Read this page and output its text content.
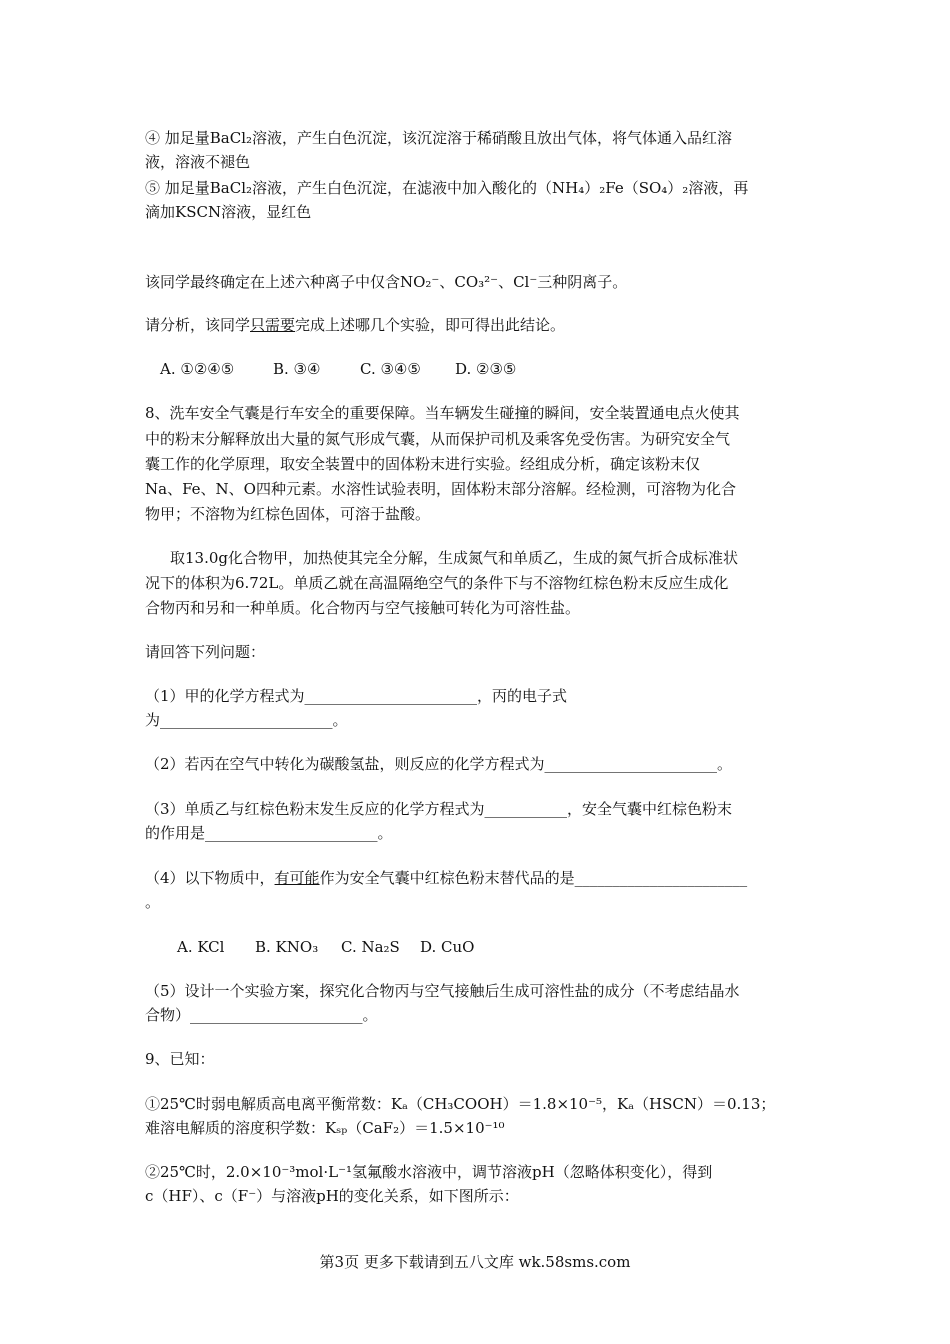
④ 加足量BaCl₂溶液，产生白色沉淀，该沉淀溶于稀硝酸且放出气体，将气体通入品红溶
液，溶液不褪色
⑤ 加足量BaCl₂溶液，产生白色沉淀，在滤液中加入酸化的（NH₄）₂Fe（SO₄）₂溶液，再
滴加KSCN溶液，显红色
该同学最终确定在上述六种离子中仅含NO₂⁻、CO₃²⁻、Cl⁻三种阴离子。
请分析，该同学只需要完成上述哪几个实验，即可得出此结论。
A. ①②④⑤	B. ③④	C. ③④⑤ D. ②③⑤
8、洗车安全气囊是行车安全的重要保障。当车辆发生碰撞的瞬间，安全装置通电点火使其
中的粉末分解释放出大量的氮气形成气囊，从而保护司机及乘客免受伤害。为研究安全气
囊工作的化学原理，取安全装置中的固体粉末进行实验。经组成分析，确定该粉末仅
Na、Fe、N、O四种元素。水溶性试验表明，固体粉末部分溶解。经检测，可溶物为化合
物甲；不溶物为红棕色固体，可溶于盐酸。
取13.0g化合物甲，加热使其完全分解，生成氮气和单质乙，生成的氮气折合成标准状
况下的体积为6.72L。单质乙就在高温隔绝空气的条件下与不溶物红棕色粉末反应生成化
合物丙和另和一种单质。化合物丙与空气接触可转化为可溶性盐。
请回答下列问题：
（1）甲的化学方程式为_______________________，丙的电子式
为_______________________。
（2）若丙在空气中转化为碳酸氢盐，则反应的化学方程式为_______________________。
（3）单质乙与红棕色粉末发生反应的化学方程式为___________，安全气囊中红棕色粉末
的作用是_______________________。
（4）以下物质中，有可能作为安全气囊中红棕色粉末替代品的是_______________________
。
A. KCl B. KNO₃ C. Na₂S D. CuO
（5）设计一个实验方案，探究化合物丙与空气接触后生成可溶性盐的成分（不考虑结晶水
合物）_______________________。
9、已知：
①25℃时弱电解质高电离平衡常数：Kₐ（CH₃COOH）＝1.8×10⁻⁵，Kₐ（HSCN）＝0.13；
难溶电解质的溶度积学数：Kₛₚ（CaF₂）＝1.5×10⁻¹⁰
②25℃时，2.0×10⁻³mol·L⁻¹氢氟酸水溶液中，调节溶液pH（忽略体积变化），得到
c（HF）、c（F⁻）与溶液pH的变化关系，如下图所示：
第3页 更多下载请到五八文库 wk.58sms.com
